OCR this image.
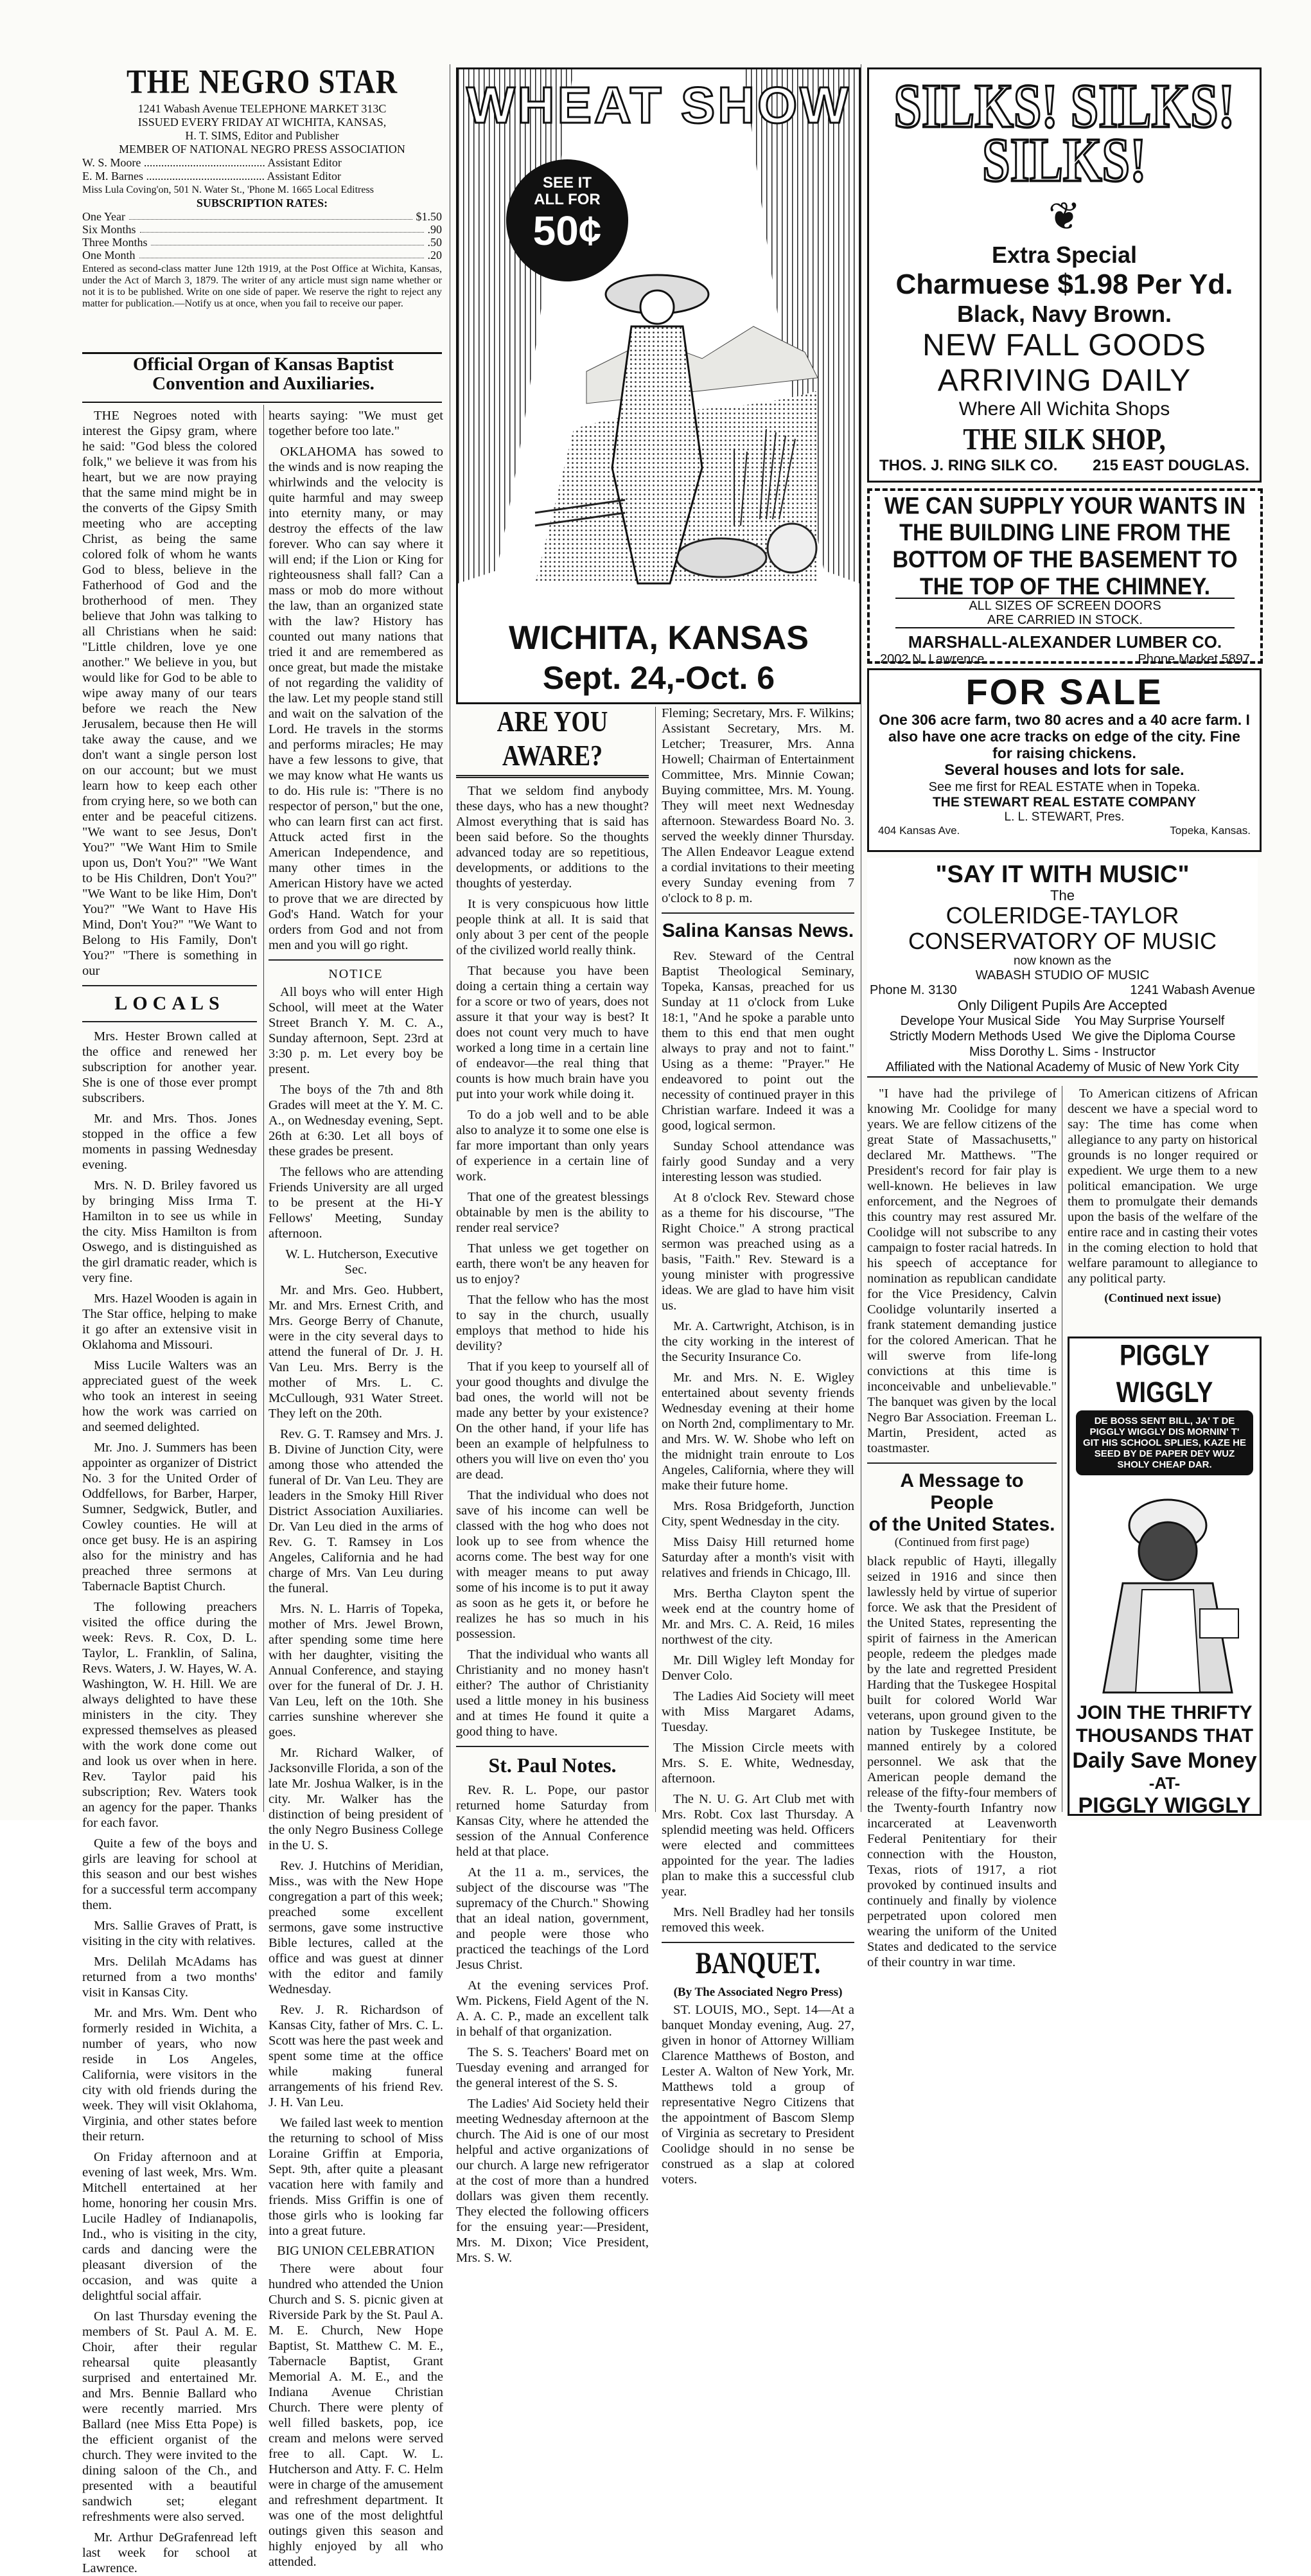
THE NEGRO STAR
1241 Wabash Avenue TELEPHONE MARKET 313C
ISSUED EVERY FRIDAY AT WICHITA, KANSAS,
H. T. SIMS, Editor and Publisher
MEMBER OF NATIONAL NEGRO PRESS ASSOCIATION
W. S. Moore .......................................... Assistant Editor
E. M. Barnes ......................................... Assistant Editor
Miss Lula Coving'on, 501 N. Water St., 'Phone M. 1665 Local Editress
SUBSCRIPTION RATES:
One Year	$1.50
Six Months	.90
Three Months	.50
One Month	.20
Entered as second-class matter June 12th 1919, at the Post Office at Wichita, Kansas, under the Act of March 3, 1879. The writer of any article must sign name whether or not it is to be published. Write on one side of paper. We reserve the right to reject any matter for publication.—Notify us at once, when you fail to receive our paper.
Official Organ of Kansas Baptist Convention and Auxiliaries.

THE Negroes noted with interest the Gipsy gram, where he said: "God bless the colored folk," we believe it was from his heart, but we are now praying that the same mind might be in the converts of the Gipsy Smith meeting who are accepting Christ, as being the same colored folk of whom he wants God to bless, believe in the Fatherhood of God and the brotherhood of men. They believe that John was talking to all Christians when he said: "Little children, love ye one another." We believe in you, but would like for God to be able to wipe away many of our tears before we reach the New Jerusalem, because then He will take away the cause, and we don't want a single person lost on our account; but we must learn how to keep each other from crying here, so we both can enter and be peaceful citizens. "We want to see Jesus, Don't You?" "We Want Him to Smile upon us, Don't You?" "We Want to be His Children, Don't You?" "We Want to be like Him, Don't You?" "We Want to Have His Mind, Don't You?" "We Want to Belong to His Family, Don't You?" "There is something in our

LOCALS

Mrs. Hester Brown called at the office and renewed her subscription for another year. She is one of those ever prompt subscribers.

Mr. and Mrs. Thos. Jones stopped in the office a few moments in passing Wednesday evening.

Mrs. N. D. Briley favored us by bringing Miss Irma T. Hamilton in to see us while in the city. Miss Hamilton is from Oswego, and is distinguished as the girl dramatic reader, which is very fine.

Mrs. Hazel Wooden is again in The Star office, helping to make it go after an extensive visit in Oklahoma and Missouri.

Miss Lucile Walters was an appreciated guest of the week who took an interest in seeing how the work was carried on and seemed delighted.

Mr. Jno. J. Summers has been appointer as organizer of District No. 3 for the United Order of Oddfellows, for Barber, Harper, Sumner, Sedgwick, Butler, and Cowley counties. He will at once get busy. He is an aspiring also for the ministry and has preached three sermons at Tabernacle Baptist Church.

The following preachers visited the office during the week: Revs. R. Cox, D. L. Taylor, L. Franklin, of Salina, Revs. Waters, J. W. Hayes, W. A. Washington, W. H. Hill. We are always delighted to have these ministers in the city. They expressed themselves as pleased with the work done come out and look us over when in here. Rev. Taylor paid his subscription; Rev. Waters took an agency for the paper. Thanks for each favor.

Quite a few of the boys and girls are leaving for school at this season and our best wishes for a successful term accompany them.

Mrs. Sallie Graves of Pratt, is visiting in the city with relatives.

Mrs. Delilah McAdams has returned from a two months' visit in Kansas City.

Mr. and Mrs. Wm. Dent who formerly resided in Wichita, a number of years, who now reside in Los Angeles, California, were visitors in the city with old friends during the week. They will visit Oklahoma, Virginia, and other states before their return.

On Friday afternoon and at evening of last week, Mrs. Wm. Mitchell entertained at her home, honoring her cousin Mrs. Lucile Hadley of Indianapolis, Ind., who is visiting in the city, cards and dancing were the pleasant diversion of the occasion, and was quite a delightful social affair.

On last Thursday evening the members of St. Paul A. M. E. Choir, after their regular rehearsal quite pleasantly surprised and entertained Mr. and Mrs. Bennie Ballard who were recently married. Mrs Ballard (nee Miss Etta Pope) is the efficient organist of the church. They were invited to the dining saloon of the Ch., and presented with a beautiful sandwich set; elegant refreshments were also served.

Mr. Arthur DeGrafenread left last week for school at Lawrence.

hearts saying: "We must get together before too late."

OKLAHOMA has sowed to the winds and is now reaping the whirlwinds and the velocity is quite harmful and may sweep into eternity many, or may destroy the effects of the law forever. Who can say where it will end; if the Lion or King for righteousness shall fall? Can a mass or mob do more without the law, than an organized state with the law? History has counted out many nations that tried it and are remembered as once great, but made the mistake of not regarding the validity of the law. Let my people stand still and wait on the salvation of the Lord. He travels in the storms and performs miracles; He may have a few lessons to give, that we may know what He wants us to do. His rule is: "There is no respector of person," but the one, who can learn first can act first. Attuck acted first in the American Independence, and many other times in the American History have we acted to prove that we are directed by God's Hand. Watch for your orders from God and not from men and you will go right.

NOTICE

All boys who will enter High School, will meet at the Water Street Branch Y. M. C. A., Sunday afternoon, Sept. 23rd at 3:30 p. m. Let every boy be present.

The boys of the 7th and 8th Grades will meet at the Y. M. C. A., on Wednesday evening, Sept. 26th at 6:30. Let all boys of these grades be present.

The fellows who are attending Friends University are all urged to be present at the Hi-Y Fellows' Meeting, Sunday afternoon.

W. L. Hutcherson, Executive Sec.

Mr. and Mrs. Geo. Hubbert, Mr. and Mrs. Ernest Crith, and Mrs. George Berry of Chanute, were in the city several days to attend the funeral of Dr. J. H. Van Leu. Mrs. Berry is the mother of Mrs. L. C. McCullough, 931 Water Street. They left on the 20th.

Rev. G. T. Ramsey and Mrs. J. B. Divine of Junction City, were among those who attended the funeral of Dr. Van Leu. They are leaders in the Smoky Hill River District Association Auxiliaries. Dr. Van Leu died in the arms of Rev. G. T. Ramsey in Los Angeles, California and he had charge of Mrs. Van Leu during the funeral.

Mrs. N. L. Harris of Topeka, mother of Mrs. Jewel Brown, after spending some time here with her daughter, visiting the Annual Conference, and staying over for the funeral of Dr. J. H. Van Leu, left on the 10th. She carries sunshine wherever she goes.

Mr. Richard Walker, of Jacksonville Florida, a son of the late Mr. Joshua Walker, is in the city. Mr. Walker has the distinction of being president of the only Negro Business College in the U. S.

Rev. J. Hutchins of Meridian, Miss., was with the New Hope congregation a part of this week; preached some excellent sermons, gave some instructive Bible lectures, called at the office and was guest at dinner with the editor and family Wednesday.

Rev. J. R. Richardson of Kansas City, father of Mrs. C. L. Scott was here the past week and spent some time at the office while making funeral arrangements of his friend Rev. J. H. Van Leu.

We failed last week to mention the returning to school of Miss Loraine Griffin at Emporia, Sept. 9th, after quite a pleasant vacation here with family and friends. Miss Griffin is one of those girls who is looking far into a great future.

BIG UNION CELEBRATION

There were about four hundred who attended the Union Church and S. S. picnic given at Riverside Park by the St. Paul A. M. E. Church, New Hope Baptist, St. Matthew C. M. E., Tabernacle Baptist, Grant Memorial A. M. E., and the Indiana Avenue Christian Church. There were plenty of well filled baskets, pop, ice cream and melons were served free to all. Capt. W. L. Hutcherson and Atty. F. C. Helm were in charge of the amusement and refreshment department. It was one of the most delightful outings given this season and highly enjoyed by all who attended.

WHEAT SHOW
SEE IT ALL FOR
50¢
WICHITA, KANSAS
Sept. 24,-Oct. 6
ARE YOU AWARE?

That we seldom find anybody these days, who has a new thought? Almost everything that is said has been said before. So the thoughts advanced today are so repetitious, developments, or additions to the thoughts of yesterday.

It is very conspicuous how little people think at all. It is said that only about 3 per cent of the people of the civilized world really think.

That because you have been doing a certain thing a certain way for a score or two of years, does not assure it that your way is best? It does not count very much to have worked a long time in a certain line of endeavor—the real thing that counts is how much brain have you put into your work while doing it.

To do a job well and to be able also to analyze it to some one else is far more important than only years of experience in a certain line of work.

That one of the greatest blessings obtainable by men is the ability to render real service?

That unless we get together on earth, there won't be any heaven for us to enjoy?

That the fellow who has the most to say in the church, usually employs that method to hide his devility?

That if you keep to yourself all of your good thoughts and divulge the bad ones, the world will not be made any better by your existence? On the other hand, if your life has been an example of helpfulness to others you will live on even tho' you are dead.

That the individual who does not save of his income can well be classed with the hog who does not look up to see from whence the acorns come. The best way for one with meager means to put away some of his income is to put it away as soon as he gets it, or before he realizes he has so much in his possession.

That the individual who wants all Christianity and no money hasn't either? The author of Christianity used a little money in his business and at times He found it quite a good thing to have.

St. Paul Notes.

Rev. R. L. Pope, our pastor returned home Saturday from Kansas City, where he attended the session of the Annual Conference held at that place.

At the 11 a. m., services, the subject of the discourse was "The supremacy of the Church." Showing that an ideal nation, government, and people were those who practiced the teachings of the Lord Jesus Christ.

At the evening services Prof. Wm. Pickens, Field Agent of the N. A. A. C. P., made an excellent talk in behalf of that organization.

The S. S. Teachers' Board met on Tuesday evening and arranged for the general interest of the S. S.

The Ladies' Aid Society held their meeting Wednesday afternoon at the church. The Aid is one of our most helpful and active organizations of our church. A large new refrigerator at the cost of more than a hundred dollars was given them recently. They elected the following officers for the ensuing year:—President, Mrs. M. Dixon; Vice President, Mrs. S. W.

Fleming; Secretary, Mrs. F. Wilkins; Assistant Secretary, Mrs. M. Letcher; Treasurer, Mrs. Anna Howell; Chairman of Entertainment Committee, Mrs. Minnie Cowan; Buying committee, Mrs. M. Young. They will meet next Wednesday afternoon. Stewardess Board No. 3. served the weekly dinner Thursday. The Allen Endeavor League extend a cordial invitations to their meeting every Sunday evening from 7 o'clock to 8 p. m.

Salina Kansas News.

Rev. Steward of the Central Baptist Theological Seminary, Topeka, Kansas, preached for us Sunday at 11 o'clock from Luke 18:1, "And he spoke a parable unto them to this end that men ought always to pray and not to faint." Using as a theme: "Prayer." He endeavored to point out the necessity of continued prayer in this Christian warfare. Indeed it was a good, logical sermon.

Sunday School attendance was fairly good Sunday and a very interesting lesson was studied.

At 8 o'clock Rev. Steward chose as a theme for his discourse, "The Right Choice." A strong practical sermon was preached using as a basis, "Faith." Rev. Steward is a young minister with progressive ideas. We are glad to have him visit us.

Mr. A. Cartwright, Atchison, is in the city working in the interest of the Security Insurance Co.

Mr. and Mrs. N. E. Wigley entertained about seventy friends Wednesday evening at their home on North 2nd, complimentary to Mr. and Mrs. W. W. Shobe who left on the midnight train enroute to Los Angeles, California, where they will make their future home.

Mrs. Rosa Bridgeforth, Junction City, spent Wednesday in the city.

Miss Daisy Hill returned home Saturday after a month's visit with relatives and friends in Chicago, Ill.

Mrs. Bertha Clayton spent the week end at the country home of Mr. and Mrs. C. A. Reid, 16 miles northwest of the city.

Mr. Dill Wigley left Monday for Denver Colo.

The Ladies Aid Society will meet with Miss Margaret Adams, Tuesday.

The Mission Circle meets with Mrs. S. E. White, Wednesday, afternoon.

The N. U. G. Art Club met with Mrs. Robt. Cox last Thursday. A splendid meeting was held. Officers were elected and committees appointed for the year. The ladies plan to make this a successful club year.

Mrs. Nell Bradley had her tonsils removed this week.

BANQUET.
(By The Associated Negro Press)

ST. LOUIS, MO., Sept. 14—At a banquet Monday evening, Aug. 27, given in honor of Attorney William Clarence Matthews of Boston, and Lester A. Walton of New York, Mr. Matthews told a group of representative Negro Citizens that the appointment of Bascom Slemp of Virginia as secretary to President Coolidge should in no sense be construed as a slap at colored voters.

SILKS! SILKS!
SILKS!
❦
Extra Special
Charmuese $1.98 Per Yd.
Black, Navy Brown.
NEW FALL GOODS
ARRIVING DAILY
Where All Wichita Shops
THE SILK SHOP,
THOS. J. RING SILK CO. 215 EAST DOUGLAS.
WE CAN SUPPLY YOUR WANTS IN THE BUILDING LINE FROM THE BOTTOM OF THE BASEMENT TO THE TOP OF THE CHIMNEY.
ALL SIZES OF SCREEN DOORS ARE CARRIED IN STOCK.
MARSHALL-ALEXANDER LUMBER CO.
2002 N. Lawrence	Phone Market 5897
FOR SALE
One 306 acre farm, two 80 acres and a 40 acre farm. I also have one acre tracks on edge of the city. Fine for raising chickens.
Several houses and lots for sale.
See me first for REAL ESTATE when in Topeka.
THE STEWART REAL ESTATE COMPANY
L. L. STEWART, Pres.
404 Kansas Ave.	Topeka, Kansas.
"SAY IT WITH MUSIC"
The
COLERIDGE-TAYLOR
CONSERVATORY OF MUSIC
now known as the
WABASH STUDIO OF MUSIC
Phone M. 3130	1241 Wabash Avenue
Only Diligent Pupils Are Accepted
Develope Your Musical Side    You May Surprise Yourself
Strictly Modern Methods Used   We give the Diploma Course
Miss Dorothy L. Sims - Instructor
Affiliated with the National Academy of Music of New York City

"I have had the privilege of knowing Mr. Coolidge for many years. We are fellow citizens of the great State of Massachusetts," declared Mr. Matthews. "The President's record for fair play is well-known. He believes in law enforcement, and the Negroes of this country may rest assured Mr. Coolidge will not subscribe to any campaign to foster racial hatreds. In his speech of acceptance for nomination as republican candidate for the Vice Presidency, Calvin Coolidge voluntarily inserted a frank statement demanding justice for the colored American. That he will swerve from life-long convictions at this time is inconceivable and unbelievable." The banquet was given by the local Negro Bar Association. Freeman L. Martin, President, acted as toastmaster.

A Message to People
of the United States.
(Continued from first page)

black republic of Hayti, illegally seized in 1916 and since then lawlessly held by virtue of superior force. We ask that the President of the United States, representing the spirit of fairness in the American people, redeem the pledges made by the late and regretted President Harding that the Tuskegee Hospital built for colored World War veterans, upon ground given to the nation by Tuskegee Institute, be manned entirely by a colored personnel. We ask that the American people demand the release of the fifty-four members of the Twenty-fourth Infantry now incarcerated at Leavenworth Federal Penitentiary for their connection with the Houston, Texas, riots of 1917, a riot provoked by continued insults and continuely and finally by violence perpetrated upon colored men wearing the uniform of the United States and dedicated to the service of their country in war time.

To American citizens of African descent we have a special word to say: The time has come when allegiance to any party on historical grounds is no longer required or expedient. We urge them to a new political emancipation. We urge them to promulgate their demands upon the basis of the welfare of the entire race and in casting their votes in the coming election to hold that welfare paramount to allegiance to any political party.

(Continued next issue)
PIGGLY WIGGLY
DE BOSS SENT BILL, JA' T DE PIGGLY WIGGLY DIS MORNIN' T' GIT HIS SCHOOL SPLIES, KAZE HE SEED BY DE PAPER DEY WUZ SHOLY CHEAP DAR.
JOIN THE THRIFTY
THOUSANDS THAT
Daily Save Money
-AT-
PIGGLY WIGGLY
